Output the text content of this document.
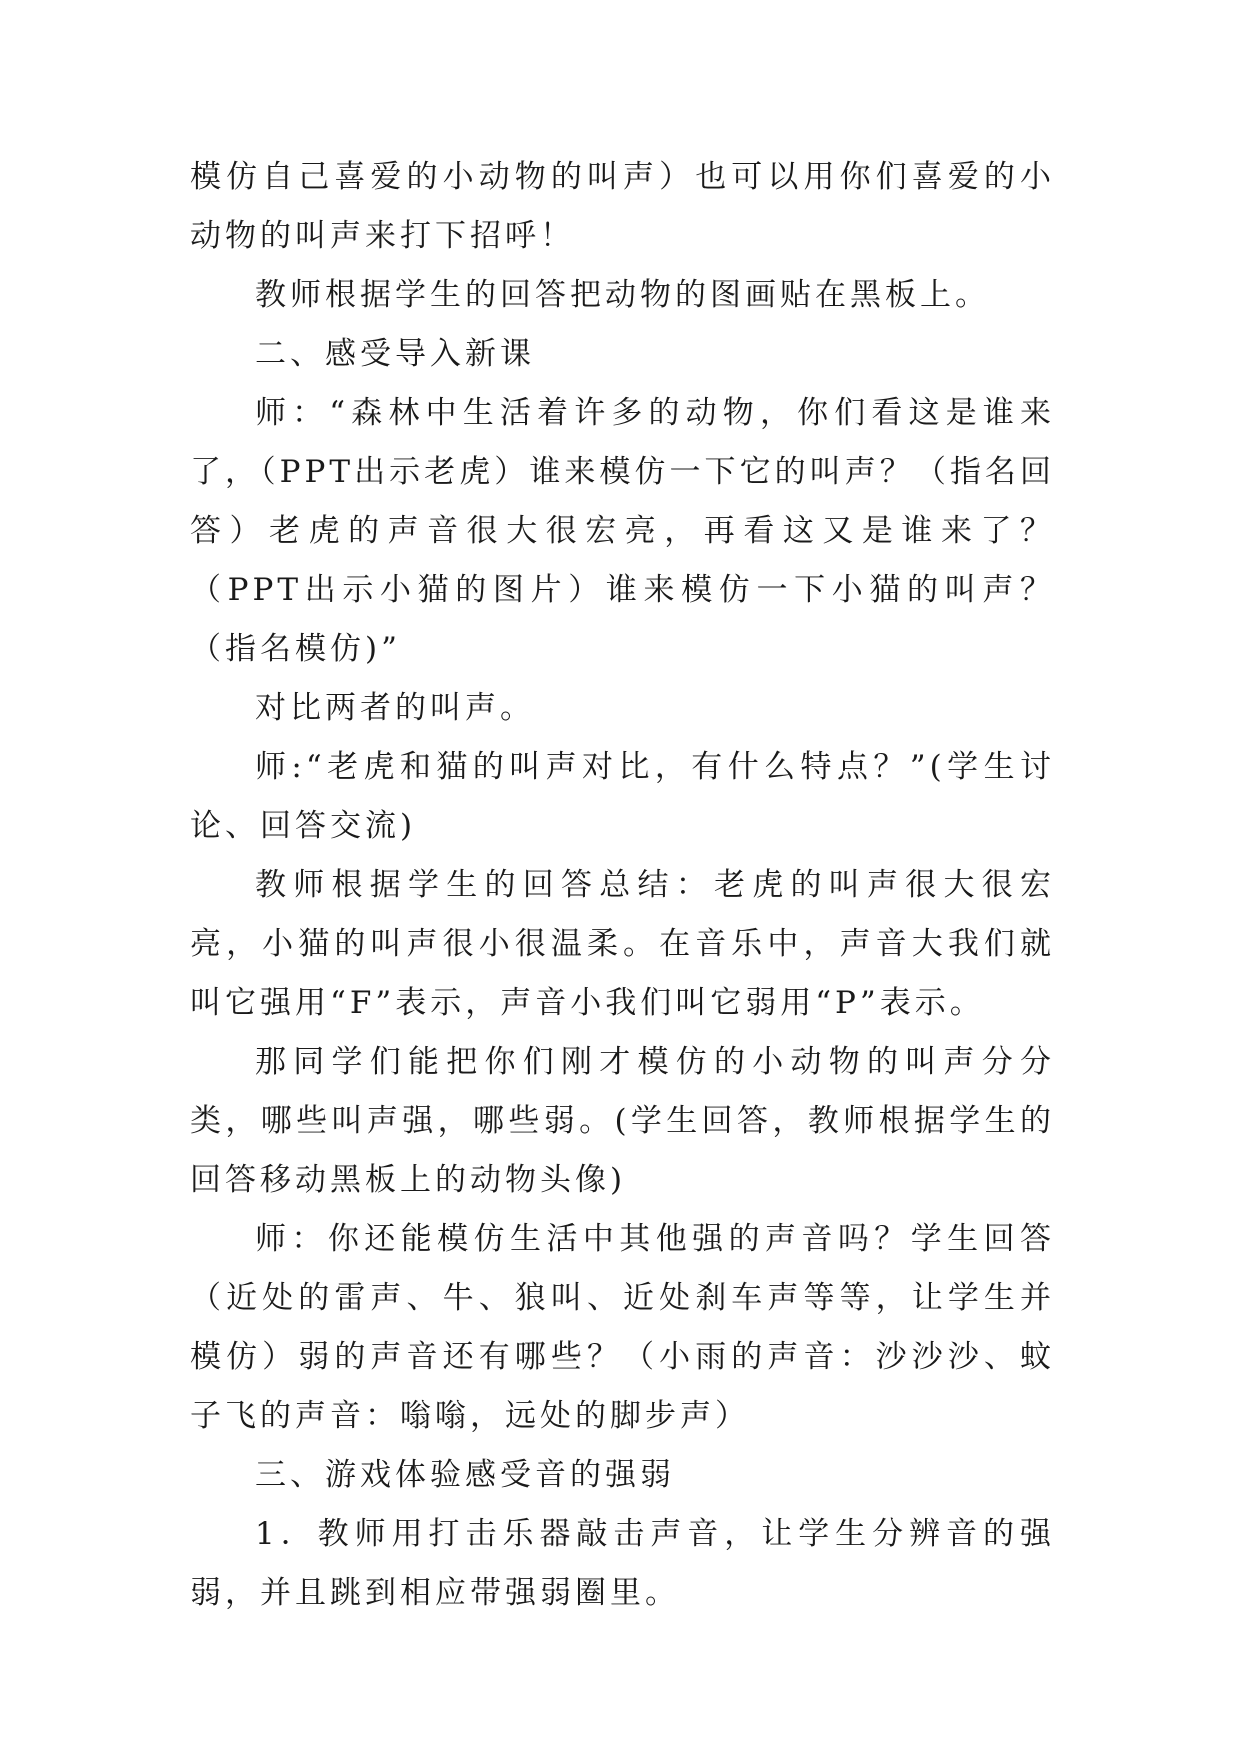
模仿自己喜爱的小动物的叫声）也可以用你们喜爱的小动物的叫声来打下招呼！

教师根据学生的回答把动物的图画贴在黑板上。

二、感受导入新课

师：“森林中生活着许多的动物，你们看这是谁来了，（PPT出示老虎）谁来模仿一下它的叫声？（指名回答）老虎的声音很大很宏亮，再看这又是谁来了？（PPT出示小猫的图片）谁来模仿一下小猫的叫声？（指名模仿)”

对比两者的叫声。

师:“老虎和猫的叫声对比，有什么特点？”(学生讨论、回答交流)

教师根据学生的回答总结：老虎的叫声很大很宏亮，小猫的叫声很小很温柔。在音乐中，声音大我们就叫它强用“F”表示，声音小我们叫它弱用“P”表示。

那同学们能把你们刚才模仿的小动物的叫声分分类，哪些叫声强，哪些弱。(学生回答，教师根据学生的回答移动黑板上的动物头像)

师：你还能模仿生活中其他强的声音吗？学生回答（近处的雷声、牛、狼叫、近处刹车声等等，让学生并模仿）弱的声音还有哪些？（小雨的声音：沙沙沙、蚊子飞的声音：嗡嗡，远处的脚步声）

三、游戏体验感受音的强弱

1．教师用打击乐器敲击声音，让学生分辨音的强弱，并且跳到相应带强弱圈里。
